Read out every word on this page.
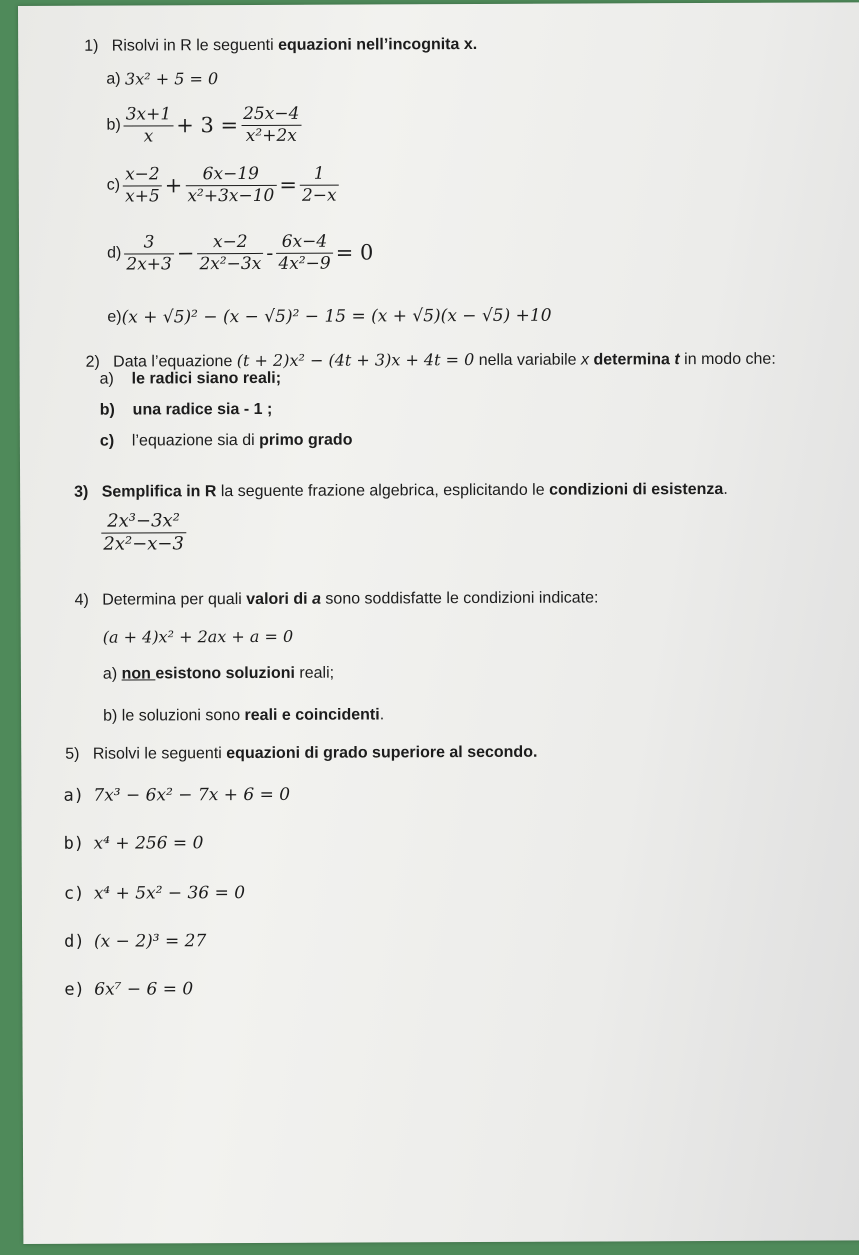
1) Risolvi in R le seguenti equazioni nell’incognita x.
a)
3x² + 5 = 0
$b) \frac{3x+1}{x} + 3 = \frac{25x-4}{\text{x²+2x}}$
$c) \frac{x-2}{x+5} + \frac{6x-19}{\text{x²+3x−10}} = \frac{1}{2-x}$
$d) \frac{3}{2x+3} - \frac{x-2}{\text{2x²−3x}} - \frac{6x-4}{\text{4x²−9}} = 0$
e) (x + √5)² − (x − √5)² − 15 = (x + √5)(x − √5) +10
2) Data l’equazione (t + 2)x² − (4t + 3)x + 4t = 0 nella variabile x determina t in modo che:
a) le radici siano reali;
b) una radice sia - 1 ;
c) l’equazione sia di primo grado
3) Semplifica in R la seguente frazione algebrica, esplicitando le condizioni di esistenza.
$\frac{\text{2x³−3x²}}{\text{2x²−x−3}}$
4) Determina per quali valori di a sono soddisfatte le condizioni indicate:
(a + 4)x² + 2ax + a = 0
a) non esistono soluzioni reali;
b) le soluzioni sono reali e coincidenti.
5) Risolvi le seguenti equazioni di grado superiore al secondo.
a) 7x³ − 6x² − 7x + 6 = 0
b) x⁴ + 256 = 0
c) x⁴ + 5x² − 36 = 0
d) (x − 2)³ = 27
e) 6x⁷ − 6 = 0
